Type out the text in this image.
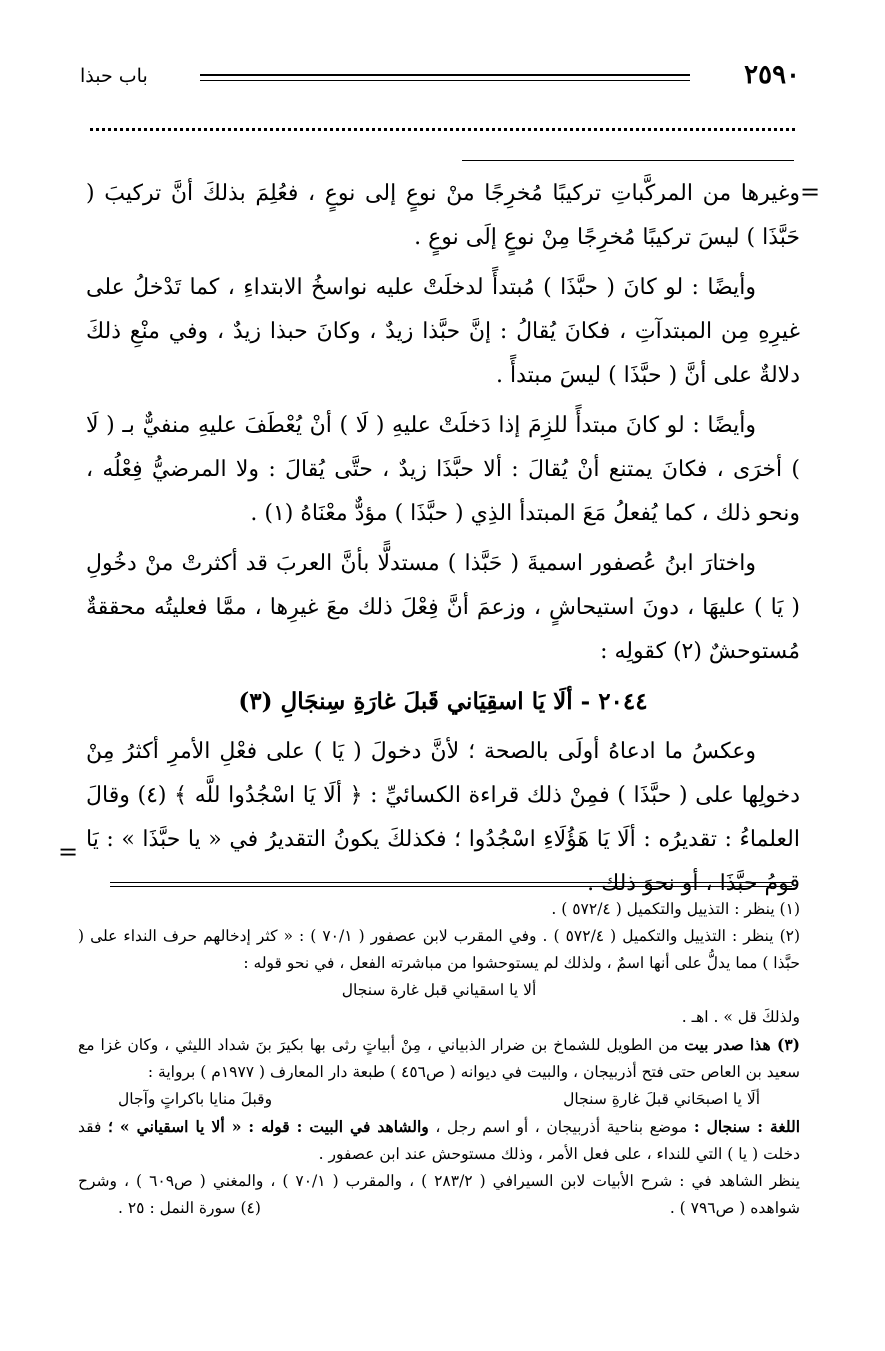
٢٥٩٠
باب حبذا
=

وغيرها من المركَّباتِ تركيبًا مُخرِجًا منْ نوعٍ إلى نوعٍ ، فعُلِمَ بذلكَ أنَّ تركيبَ ( حَبَّذَا ) ليسَ تركيبًا مُخرِجًا مِنْ نوعٍ إلَى نوعٍ .

وأيضًا : لو كانَ ( حبَّذَا ) مُبتدأً لدخلَتْ عليه نواسخُ الابتداءِ ، كما تَدْخلُ على غيرِهِ مِن المبتدآتِ ، فكانَ يُقالُ : إنَّ حبَّذا زيدٌ ، وكانَ حبذا زيدٌ ، وفي منْعِ ذلكَ دلالةٌ على أنَّ ( حبَّذَا ) ليسَ مبتدأً .

وأيضًا : لو كانَ مبتدأً للزِمَ إذا دَخلَتْ عليهِ ( لَا ) أنْ يُعْطَفَ عليهِ منفيٌّ بـ ( لَا ) أخرَى ، فكانَ يمتنع أنْ يُقالَ : ألا حبَّذَا زيدٌ ، حتَّى يُقالَ : ولا المرضيُّ فِعْلُه ، ونحو ذلك ، كما يُفعلُ مَعَ المبتدأ الذِي ( حبَّذَا ) مؤدٌّ معْنَاهُ (١) .

واختارَ ابنُ عُصفور اسميةَ ( حَبَّذا ) مستدلًّا بأنَّ العربَ قد أكثرتْ منْ دخُولِ ( يَا ) عليهَا ، دونَ استيحاشٍ ، وزعمَ أنَّ فِعْلَ ذلك معَ غيرِها ، ممَّا فعليتُه محققةٌ مُستوحشٌ (٢) كقولِه :

٢٠٤٤ - ألَا يَا اسقِيَاني قَبلَ غارَةِ سِنجَالِ (٣)

وعكسُ ما ادعاهُ أولَى بالصحة ؛ لأنَّ دخولَ ( يَا ) على فعْلِ الأمرِ أكثرُ مِنْ دخولِها على ( حبَّذَا ) فمِنْ ذلك قراءة الكسائيِّ : ﴿ ألَا يَا اسْجُدُوا للَّه ﴾ (٤) وقالَ العلماءُ : تقديرُه : ألَا يَا هَؤُلَاءِ اسْجُدُوا ؛ فكذلكَ يكونُ التقديرُ في « يا حبَّذَا » : يَا قومُ حبَّذَا ، أو نحوَ ذلك .

=

(١) ينظر : التذييل والتكميل ( ٥٧٢/٤ ) .

(٢) ينظر : التذييل والتكميل ( ٥٧٢/٤ ) . وفي المقرب لابن عصفور ( ٧٠/١ ) : « كثر إدخالهم حرف النداء على ( حبَّذا ) مما يدلُّ على أنها اسمٌ ، ولذلك لم يستوحشوا من مباشرته الفعل ، في نحو قوله :

ألا يا اسقياني قبل غارة سنجال

ولذلكَ قل » . اهـ .

(٣) هذا صدر بيت من الطويل للشماخ بن ضرار الذبياني ، مِنْ أبياتٍ رثى بها بكيرَ بنَ شداد الليثي ، وكان غزا مع سعيد بن العاص حتى فتح أذربيجان ، والبيت في ديوانه ( ص٤٥٦ ) طبعة دار المعارف ( ١٩٧٧م ) برواية :

ألَا يا اصبحَاني قبلَ غارةِ سنجال
وقبلَ منايا باكراتٍ وآجال

اللغة : سنجال : موضع بناحية أذربيجان ، أو اسم رجل ، والشاهد في البيت : قوله : « ألا يا اسقياني » ؛ فقد دخلت ( يا ) التي للنداء ، على فعل الأمر ، وذلك مستوحش عند ابن عصفور .

ينظر الشاهد في : شرح الأبيات لابن السيرافي ( ٢٨٣/٢ ) ، والمقرب ( ٧٠/١ ) ، والمغني ( ص٦٠٩ ) ، وشرح شواهده ( ص٧٩٦ ) .

(٤) سورة النمل : ٢٥ .
